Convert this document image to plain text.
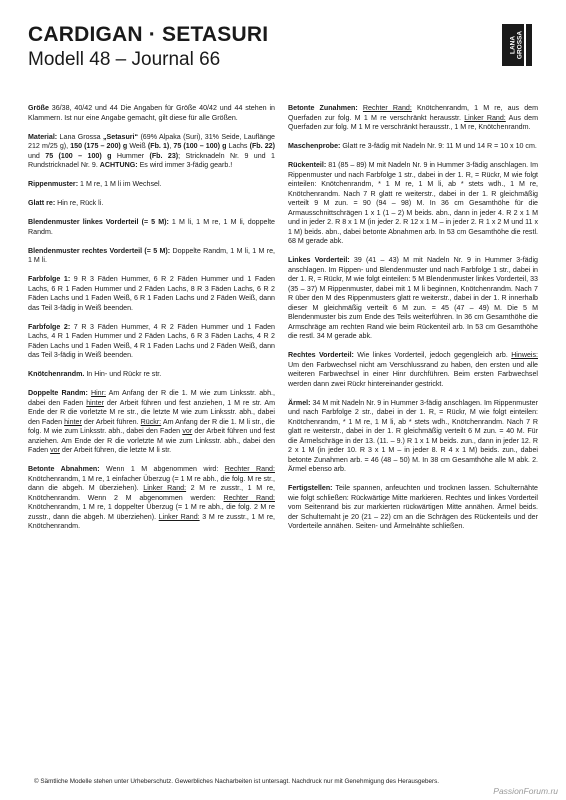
CARDIGAN · SETASURI
Modell 48 – Journal 66
LANA GROSSA

Größe 36/38, 40/42 und 44 Die Angaben für Größe 40/42 und 44 stehen in Klammern. Ist nur eine Angabe gemacht, gilt diese für alle Größen.

Material: Lana Grossa „Setasuri“ (69% Alpaka (Suri), 31% Seide, Lauflänge 212 m/25 g), 150 (175 – 200) g Weiß (Fb. 1), 75 (100 – 100) g Lachs (Fb. 22) und 75 (100 – 100) g Hummer (Fb. 23); Stricknadeln Nr. 9 und 1 Rundstricknadel Nr. 9. ACHTUNG: Es wird immer 3-fädig gearb.!

Rippenmuster: 1 M re, 1 M li im Wechsel.

Glatt re: Hin re, Rück li.

Blendenmuster linkes Vorderteil (= 5 M): 1 M li, 1 M re, 1 M li, doppelte Randm.

Blendenmuster rechtes Vorderteil (= 5 M): Doppelte Randm, 1 M li, 1 M re, 1 M li.

Farbfolge 1: 9 R 3 Fäden Hummer, 6 R 2 Fäden Hummer und 1 Faden Lachs, 6 R 1 Faden Hummer und 2 Fäden Lachs, 8 R 3 Fäden Lachs, 6 R 2 Fäden Lachs und 1 Faden Weiß, 6 R 1 Faden Lachs und 2 Fäden Weiß, dann das Teil 3-fädig in Weiß beenden.

Farbfolge 2: 7 R 3 Fäden Hummer, 4 R 2 Fäden Hummer und 1 Faden Lachs, 4 R 1 Faden Hummer und 2 Fäden Lachs, 6 R 3 Fäden Lachs, 4 R 2 Fäden Lachs und 1 Faden Weiß, 4 R 1 Faden Lachs und 2 Fäden Weiß, dann das Teil 3-fädig in Weiß beenden.

Knötchenrandm. In Hin- und Rückr re str.

Doppelte Randm: Hinr: Am Anfang der R die 1. M wie zum Linksstr. abh., dabei den Faden hinter der Arbeit führen und fest anziehen, 1 M re str. Am Ende der R die vorletzte M re str., die letzte M wie zum Linksstr. abh., dabei den Faden hinter der Arbeit führen. Rückr: Am Anfang der R die 1. M li str., die folg. M wie zum Linksstr. abh., dabei den Faden vor der Arbeit führen und fest anziehen. Am Ende der R die vorletzte M wie zum Linksstr. abh., dabei den Faden vor der Arbeit führen, die letzte M li str.

Betonte Abnahmen: Wenn 1 M abgenommen wird: Rechter Rand: Knötchenrandm, 1 M re, 1 einfacher Überzug (= 1 M re abh., die folg. M re str., dann die abgeh. M überziehen). Linker Rand: 2 M re zusstr., 1 M re, Knötchenrandm. Wenn 2 M abgenommen werden: Rechter Rand: Knötchenrandm, 1 M re, 1 doppelter Überzug (= 1 M re abh., die folg. 2 M re zusstr., dann die abgeh. M überziehen). Linker Rand: 3 M re zusstr., 1 M re, Knötchenrandm.

Betonte Zunahmen: Rechter Rand: Knötchenrandm, 1 M re, aus dem Querfaden zur folg. M 1 M re verschränkt herausstr. Linker Rand: Aus dem Querfaden zur folg. M 1 M re verschränkt herausstr., 1 M re, Knötchenrandm.

Maschenprobe: Glatt re 3-fädig mit Nadeln Nr. 9: 11 M und 14 R = 10 x 10 cm.

Rückenteil: 81 (85 – 89) M mit Nadeln Nr. 9 in Hummer 3-fädig anschlagen. Im Rippenmuster und nach Farbfolge 1 str., dabei in der 1. R, = Rückr, M wie folgt einteilen: Knötchenrandm, * 1 M re, 1 M li, ab * stets wdh., 1 M re, Knötchenrandm. Nach 7 R glatt re weiterstr., dabei in der 1. R gleichmäßig verteilt 9 M zun. = 90 (94 – 98) M. In 36 cm Gesamthöhe für die Armausschnittschrägen 1 x 1 (1 – 2) M beids. abn., dann in jeder 4. R 2 x 1 M und in jeder 2. R 8 x 1 M (in jeder 2. R 12 x 1 M – in jeder 2. R 1 x 2 M und 11 x 1 M) beids. abn., dabei betonte Abnahmen arb. In 53 cm Gesamthöhe die restl. 68 M gerade abk.

Linkes Vorderteil: 39 (41 – 43) M mit Nadeln Nr. 9 in Hummer 3-fädig anschlagen. Im Rippen- und Blendenmuster und nach Farbfolge 1 str., dabei in der 1. R, = Rückr, M wie folgt einteilen: 5 M Blendenmuster linkes Vorderteil, 33 (35 – 37) M Rippenmuster, dabei mit 1 M li beginnen, Knötchenrandm. Nach 7 R über den M des Rippenmusters glatt re weiterstr., dabei in der 1. R innerhalb dieser M gleichmäßig verteilt 6 M zun. = 45 (47 – 49) M. Die 5 M Blendenmuster bis zum Ende des Teils weiterführen. In 36 cm Gesamthöhe die Armschräge am rechten Rand wie beim Rückenteil arb. In 53 cm Gesamthöhe die restl. 34 M gerade abk.

Rechtes Vorderteil: Wie linkes Vorderteil, jedoch gegengleich arb. Hinweis: Um den Farbwechsel nicht am Verschlussrand zu haben, den ersten und alle weiteren Farbwechsel in einer Hinr durchführen. Beim ersten Farbwechsel werden dann zwei Rückr hintereinander gestrickt.

Ärmel: 34 M mit Nadeln Nr. 9 in Hummer 3-fädig anschlagen. Im Rippenmuster und nach Farbfolge 2 str., dabei in der 1. R, = Rückr, M wie folgt einteilen: Knötchenrandm, * 1 M re, 1 M li, ab * stets wdh., Knötchenrandm. Nach 7 R glatt re weiterstr., dabei in der 1. R gleichmäßig verteilt 6 M zun. = 40 M. Für die Ärmelschräge in der 13. (11. – 9.) R 1 x 1 M beids. zun., dann in jeder 12. R 2 x 1 M (in jeder 10. R 3 x 1 M – in jeder 8. R 4 x 1 M) beids. zun., dabei betonte Zunahmen arb. = 46 (48 – 50) M. In 38 cm Gesamthöhe alle M abk. 2. Ärmel ebenso arb.

Fertigstellen: Teile spannen, anfeuchten und trocknen lassen. Schulternähte wie folgt schließen: Rückwärtige Mitte markieren. Rechtes und linkes Vorderteil vom Seitenrand bis zur markierten rückwärtigen Mitte annähen. Ärmel beids. der Schulternaht je 20 (21 – 22) cm an die Schrägen des Rückenteils und der Vorderteile annähen. Seiten- und Ärmelnähte schließen.

© Sämtliche Modelle stehen unter Urheberschutz. Gewerbliches Nacharbeiten ist untersagt. Nachdruck nur mit Genehmigung des Herausgebers.
PassionForum.ru
